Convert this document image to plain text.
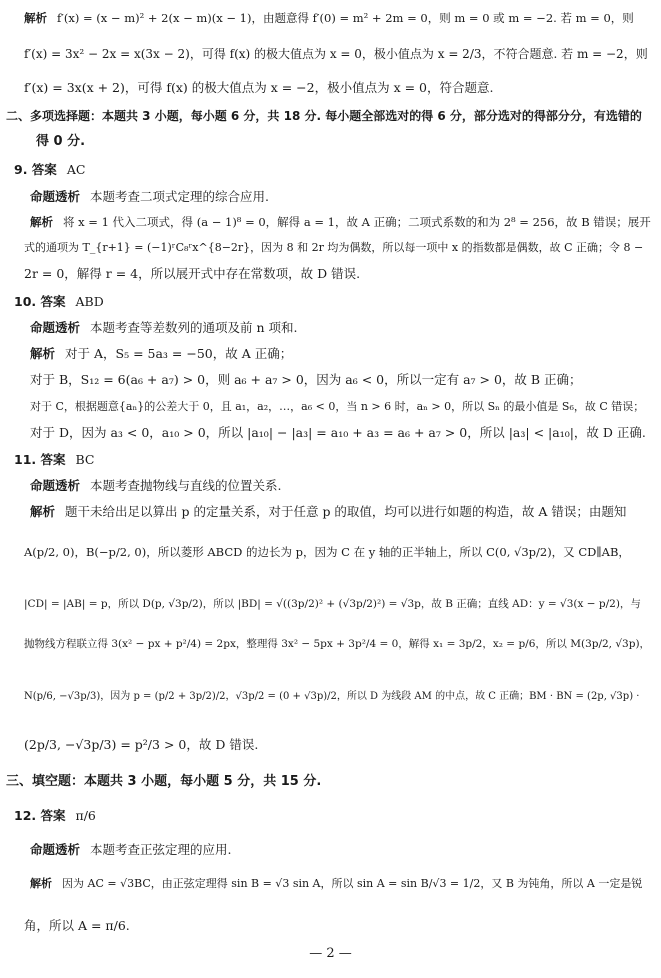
解析 f′(x) = (x − m)² + 2(x − m)(x − 1)，由题意得 f′(0) = m² + 2m = 0，则 m = 0 或 m = −2. 若 m = 0，则
f′(x) = 3x² − 2x = x(3x − 2)，可得 f(x) 的极大值点为 x = 0，极小值点为 x = 2/3，不符合题意. 若 m = −2，则
f′(x) = 3x(x + 2)，可得 f(x) 的极大值点为 x = −2，极小值点为 x = 0，符合题意.
二、多项选择题：本题共 3 小题，每小题 6 分，共 18 分. 每小题全部选对的得 6 分，部分选对的得部分分，有选错的
得 0 分.
9. 答案 AC
命题透析 本题考查二项式定理的综合应用.
解析 将 x = 1 代入二项式，得 (a − 1)⁸ = 0，解得 a = 1，故 A 正确；二项式系数的和为 2⁸ = 256，故 B 错误；展开
式的通项为 T_{r+1} = (−1)ʳC₈ʳx^{8−2r}，因为 8 和 2r 均为偶数，所以每一项中 x 的指数都是偶数，故 C 正确；令 8 −
2r = 0，解得 r = 4，所以展开式中存在常数项，故 D 错误.
10. 答案 ABD
命题透析 本题考查等差数列的通项及前 n 项和.
解析 对于 A，S₅ = 5a₃ = −50，故 A 正确；
对于 B，S₁₂ = 6(a₆ + a₇) > 0，则 a₆ + a₇ > 0，因为 a₆ < 0，所以一定有 a₇ > 0，故 B 正确；
对于 C，根据题意{aₙ}的公差大于 0，且 a₁，a₂，…，a₆ < 0，当 n > 6 时，aₙ > 0，所以 Sₙ 的最小值是 S₆，故 C 错误；
对于 D，因为 a₃ < 0，a₁₀ > 0，所以 |a₁₀| − |a₃| = a₁₀ + a₃ = a₆ + a₇ > 0，所以 |a₃| < |a₁₀|，故 D 正确.
11. 答案 BC
命题透析 本题考查抛物线与直线的位置关系.
解析 题干未给出足以算出 p 的定量关系，对于任意 p 的取值，均可以进行如题的构造，故 A 错误；由题知
A(p/2, 0)，B(−p/2, 0)，所以菱形 ABCD 的边长为 p，因为 C 在 y 轴的正半轴上，所以 C(0, √3p/2)，又 CD∥AB，
|CD| = |AB| = p，所以 D(p, √3p/2)，所以 |BD| = √((3p/2)² + (√3p/2)²) = √3p，故 B 正确；直线 AD：y = √3(x − p/2)，与
抛物线方程联立得 3(x² − px + p²/4) = 2px，整理得 3x² − 5px + 3p²/4 = 0，解得 x₁ = 3p/2，x₂ = p/6，所以 M(3p/2, √3p)，
N(p/6, −√3p/3)，因为 p = (p/2 + 3p/2)/2，√3p/2 = (0 + √3p)/2，所以 D 为线段 AM 的中点，故 C 正确；BM · BN = (2p, √3p) ·
(2p/3, −√3p/3) = p²/3 > 0，故 D 错误.
三、填空题：本题共 3 小题，每小题 5 分，共 15 分.
12. 答案 π/6
命题透析 本题考查正弦定理的应用.
解析 因为 AC = √3BC，由正弦定理得 sin B = √3 sin A，所以 sin A = sin B/√3 = 1/2，又 B 为钝角，所以 A 一定是锐
角，所以 A = π/6.
— 2 —
